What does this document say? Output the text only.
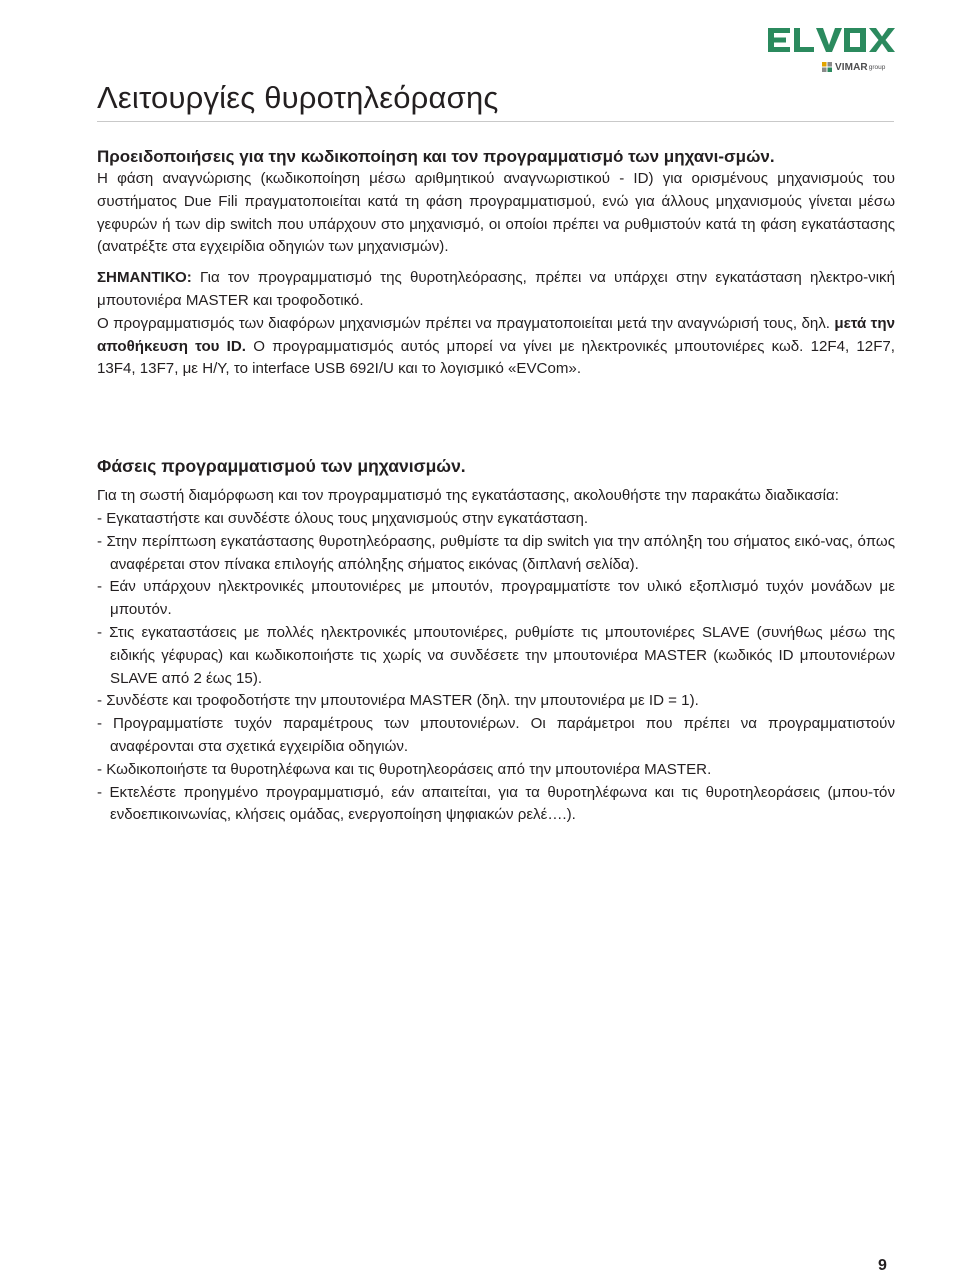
VIMAR group
Λειτουργίες θυροτηλεόρασης
Προειδοποιήσεις για την κωδικοποίηση και τον προγραμματισμό των μηχανι-σμών.

Η φάση αναγνώρισης (κωδικοποίηση μέσω αριθμητικού αναγνωριστικού - ID) για ορισμένους μηχανισμούς του συστήματος Due Fili πραγματοποιείται κατά τη φάση προγραμματισμού, ενώ για άλλους μηχανισμούς γίνεται μέσω γεφυρών ή των dip switch που υπάρχουν στο μηχανισμό, οι οποίοι πρέπει να ρυθμιστούν κατά τη φάση εγκατάστασης (ανατρέξτε στα εγχειρίδια οδηγιών των μηχανισμών).

ΣΗΜΑΝΤΙΚΟ: Για τον προγραμματισμό της θυροτηλεόρασης, πρέπει να υπάρχει στην εγκατάσταση ηλεκτρο-νική μπουτονιέρα MASTER και τροφοδοτικό.

Ο προγραμματισμός των διαφόρων μηχανισμών πρέπει να πραγματοποιείται μετά την αναγνώρισή τους, δηλ. μετά την αποθήκευση του ID. Ο προγραμματισμός αυτός μπορεί να γίνει με ηλεκτρονικές μπουτονιέρες κωδ. 12F4, 12F7, 13F4, 13F7, με Η/Υ, το interface USB 692I/U και το λογισμικό «EVCom».

Φάσεις προγραμματισμού των μηχανισμών.

Για τη σωστή διαμόρφωση και τον προγραμματισμό της εγκατάστασης, ακολουθήστε την παρακάτω διαδικασία:

- Εγκαταστήστε και συνδέστε όλους τους μηχανισμούς στην εγκατάσταση.
- Στην περίπτωση εγκατάστασης θυροτηλεόρασης, ρυθμίστε τα dip switch για την απόληξη του σήματος εικό-νας, όπως αναφέρεται στον πίνακα επιλογής απόληξης σήματος εικόνας (διπλανή σελίδα).
- Εάν υπάρχουν ηλεκτρονικές μπουτονιέρες με μπουτόν, προγραμματίστε τον υλικό εξοπλισμό τυχόν μονάδων με μπουτόν.
- Στις εγκαταστάσεις με πολλές ηλεκτρονικές μπουτονιέρες, ρυθμίστε τις μπουτονιέρες SLAVE (συνήθως μέσω της ειδικής γέφυρας) και κωδικοποιήστε τις χωρίς να συνδέσετε την μπουτονιέρα MASTER (κωδικός ID μπουτονιέρων SLAVE από 2 έως 15).
- Συνδέστε και τροφοδοτήστε την μπουτονιέρα MASTER (δηλ. την μπουτονιέρα με ID = 1).
- Προγραμματίστε τυχόν παραμέτρους των μπουτονιέρων. Οι παράμετροι που πρέπει να προγραμματιστούν αναφέρονται στα σχετικά εγχειρίδια οδηγιών.
- Κωδικοποιήστε τα θυροτηλέφωνα και τις θυροτηλεοράσεις από την μπουτονιέρα MASTER.
- Εκτελέστε προηγμένο προγραμματισμό, εάν απαιτείται, για τα θυροτηλέφωνα και τις θυροτηλεοράσεις (μπου-τόν ενδοεπικοινωνίας, κλήσεις ομάδας, ενεργοποίηση ψηφιακών ρελέ….).
9
